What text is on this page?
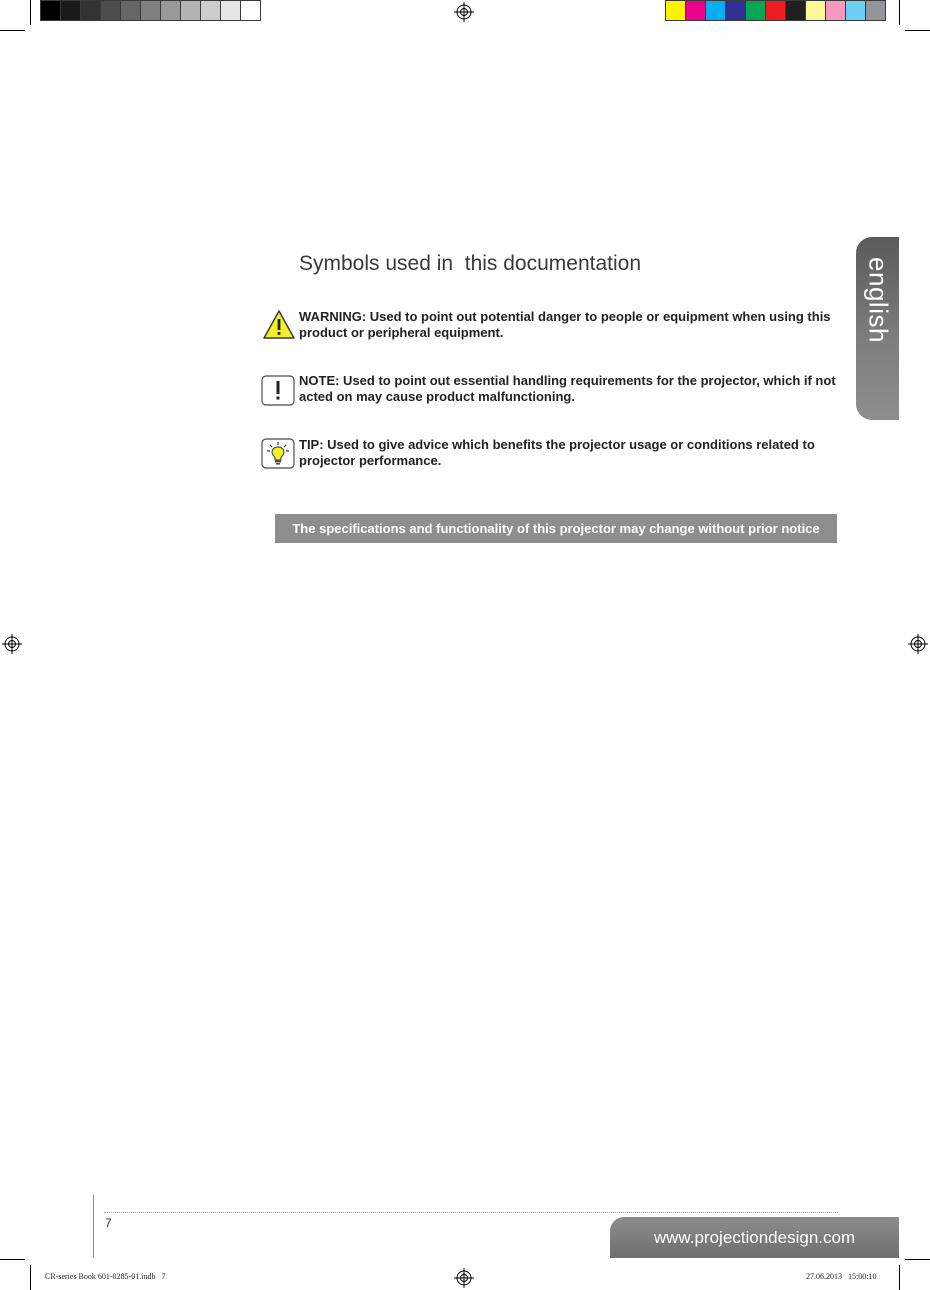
english
Symbols used in  this documentation
WARNING: Used to point out potential danger to people or equipment when using this product or peripheral equipment.
NOTE: Used to point out essential handling requirements for the projector, which if not acted on may cause product malfunctioning.
TIP: Used to give advice which benefits the projector usage or conditions related to projector performance.
The specifications and functionality of this projector may change without prior notice
7
www.projectiondesign.com
CR-series Book 601-0285-01.indb   7	27.06.2013   15:00:10
